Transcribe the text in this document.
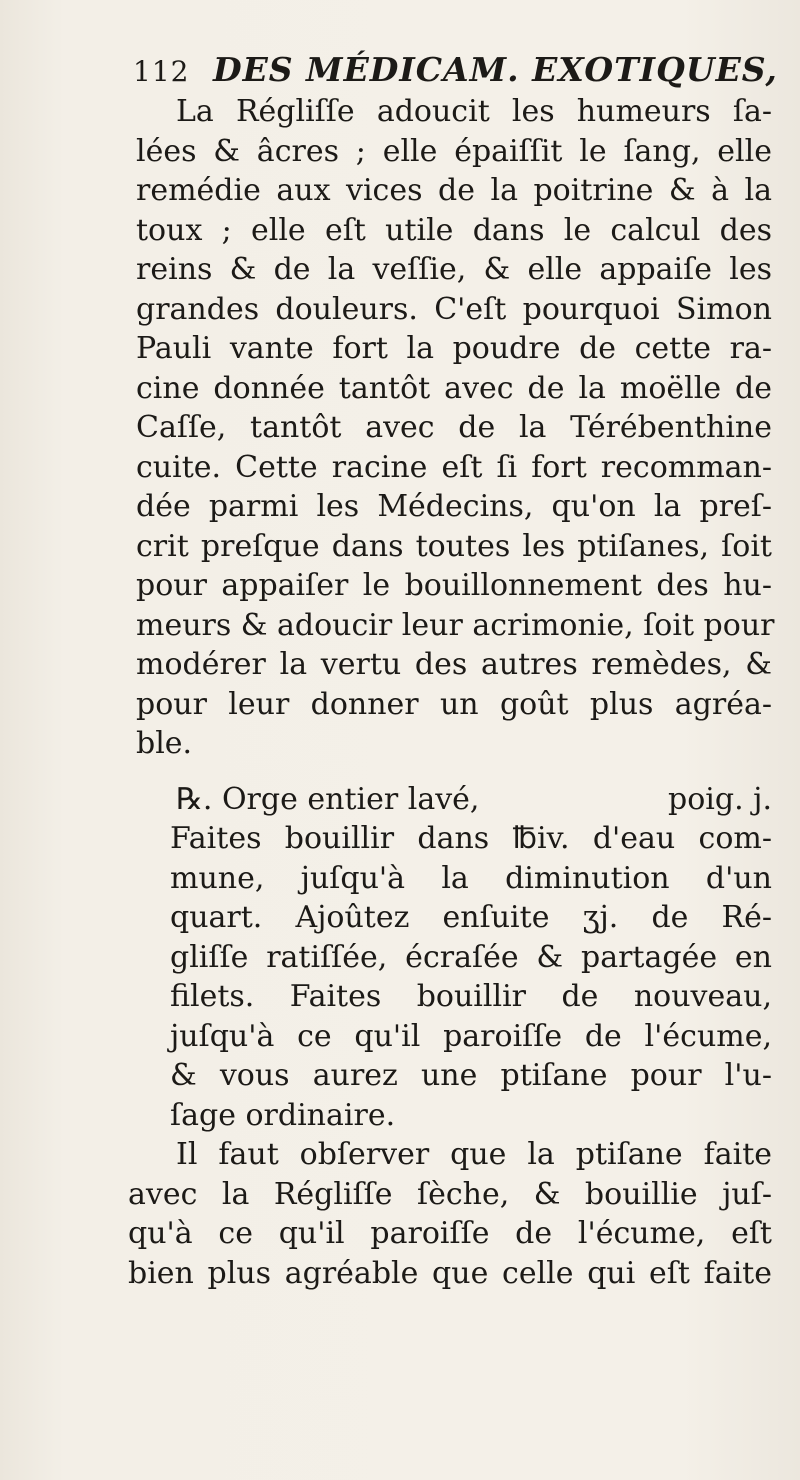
112 DES MÉDICAM. EXOTIQUES,
La Régliſſe adoucit les humeurs ſa-
lées & âcres ; elle épaiſſit le ſang, elle
remédie aux vices de la poitrine & à la
toux ; elle eſt utile dans le calcul des
reins & de la veſſie, & elle appaiſe les
grandes douleurs. C'eſt pourquoi Simon
Pauli vante fort la poudre de cette ra-
cine donnée tantôt avec de la moëlle de
Caſſe, tantôt avec de la Térébenthine
cuite. Cette racine eſt ſi fort recomman-
dée parmi les Médecins, qu'on la preſ-
crit preſque dans toutes les ptiſanes, ſoit
pour appaiſer le bouillonnement des hu-
meurs & adoucir leur acrimonie, ſoit pour
modérer la vertu des autres remèdes, &
pour leur donner un goût plus agréa-
ble.
℞. Orge entier lavé,	poig. j.
Faites bouillir dans ℔iv. d'eau com-
mune, juſqu'à la diminution d'un
quart. Ajoûtez enſuite ʒj. de Ré-
gliſſe ratiſſée, écraſée & partagée en
filets. Faites bouillir de nouveau,
juſqu'à ce qu'il paroiſſe de l'écume,
& vous aurez une ptiſane pour l'u-
ſage ordinaire.
Il faut obſerver que la ptiſane faite
avec la Régliſſe ſèche, & bouillie juſ-
qu'à ce qu'il paroiſſe de l'écume, eſt
bien plus agréable que celle qui eſt faite
